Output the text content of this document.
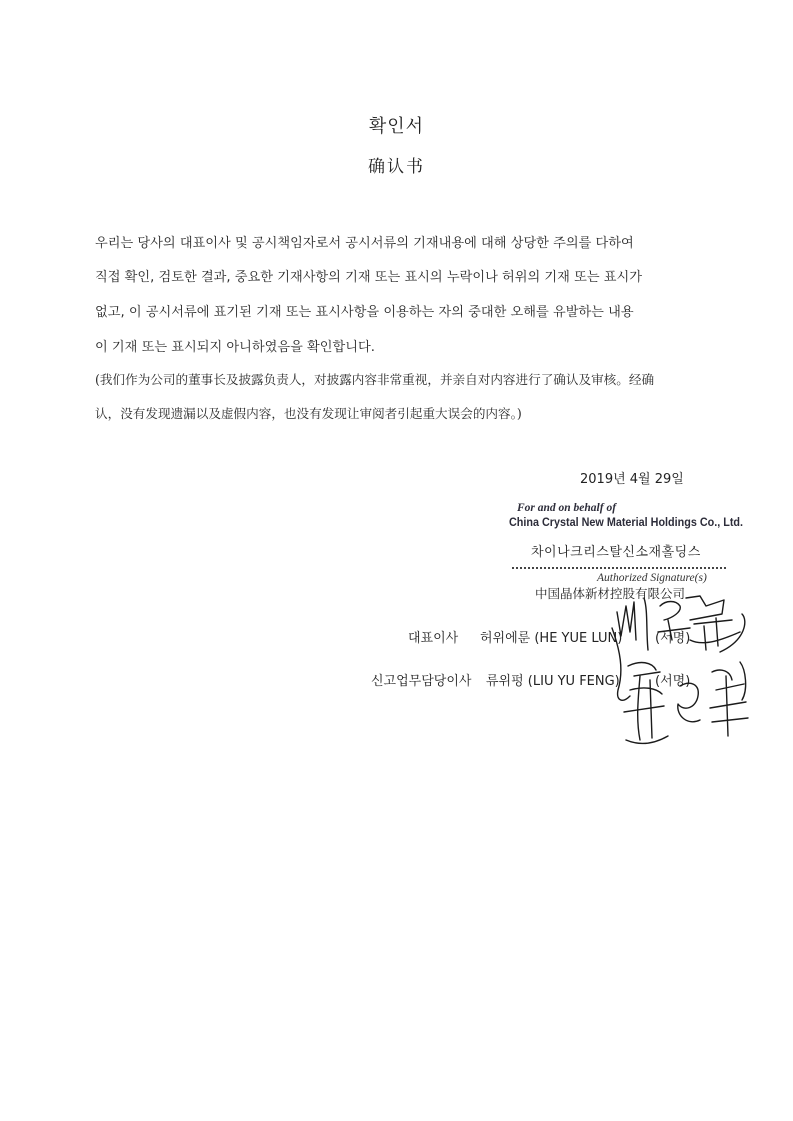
확인서
确认书
우리는 당사의 대표이사 및 공시책임자로서 공시서류의 기재내용에 대해 상당한 주의를 다하여
직접 확인, 검토한 결과, 중요한 기재사항의 기재 또는 표시의 누락이나 허위의 기재 또는 표시가
없고, 이 공시서류에 표기된 기재 또는 표시사항을 이용하는 자의 중대한 오해를 유발하는 내용
이 기재 또는 표시되지 아니하였음을 확인합니다.
(我们作为公司的董事长及披露负责人，对披露内容非常重视，并亲自对内容进行了确认及审核。经确
认，没有发现遗漏以及虚假内容，也没有发现让审阅者引起重大误会的内容。)
2019년 4월 29일
For and on behalf of
China Crystal New Material Holdings Co., Ltd.
차이나크리스탈신소재홀딩스
Authorized Signature(s)
中国晶体新材控股有限公司
대표이사 허위에룬 (HE YUE LUN)	(서명)
신고업무담당이사 류위펑 (LIU YU FENG)	(서명)
